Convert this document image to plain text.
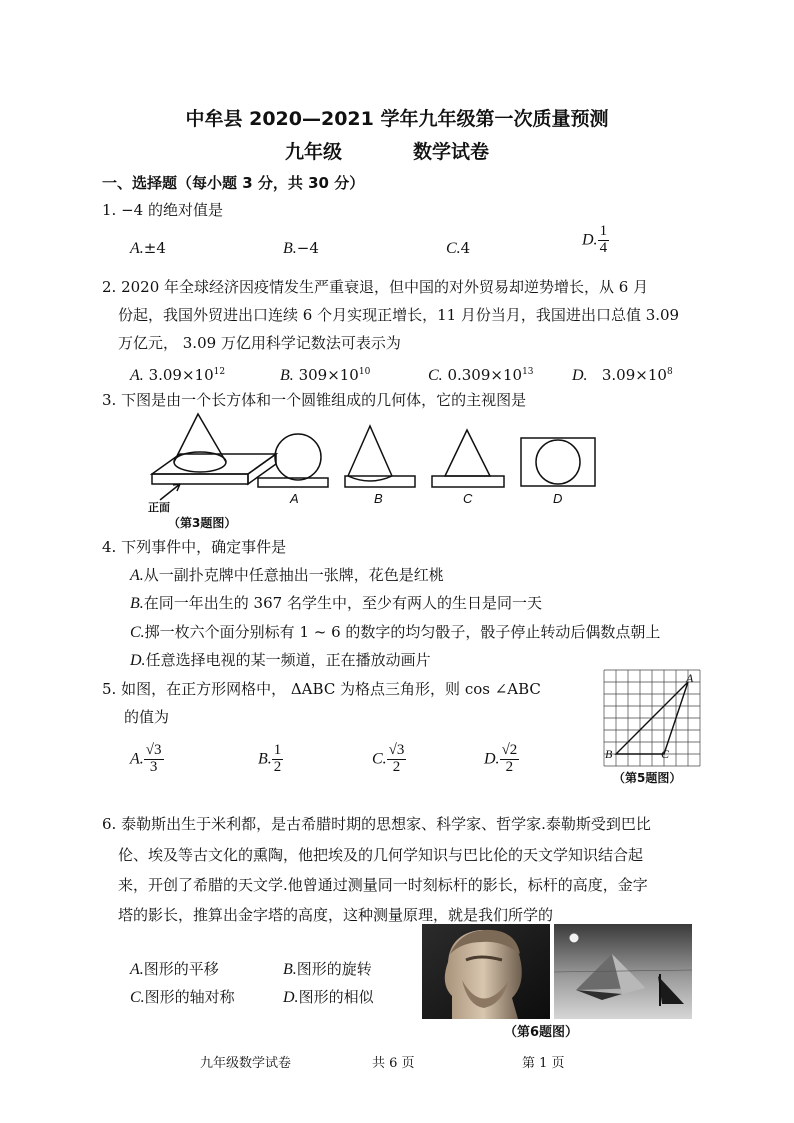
中牟县 2020—2021 学年九年级第一次质量预测
九年级	数学试卷
一、选择题（每小题 3 分，共 30 分）
1. −4 的绝对值是
A.±4	B.−4	C.4	D. $\frac{1}{4}$
2. 2020 年全球经济因疫情发生严重衰退，但中国的对外贸易却逆势增长，从 6 月
份起，我国外贸进出口连续 6 个月实现正增长，11 月份当月，我国进出口总值 3.09
万亿元， 3.09 万亿用科学记数法可表示为
A. $3.09\times 10^{12}$	B. $309\times 10^{10}$	C. $0.309\times 10^{13}$ D. $3.09\times 10^8$
3. 下图是由一个长方体和一个圆锥组成的几何体，它的主视图是
A	B	C	D
正面
（第3题图）
4. 下列事件中，确定事件是
A.从一副扑克牌中任意抽出一张牌，花色是红桃
B.在同一年出生的 367 名学生中，至少有两人的生日是同一天
C.掷一枚六个面分别标有 1 ~ 6 的数字的均匀骰子，骰子停止转动后偶数点朝上
D.任意选择电视的某一频道，正在播放动画片
5. 如图，在正方形网格中， ΔABC 为格点三角形，则 cos ∠ABC
的值为
A. $\frac{√3}{3}$	B. $\frac{1}{2}$	C. $\frac{√3}{2}$	D. $\frac{√2}{2}$
A
B	C
（第5题图）
6. 泰勒斯出生于米利都，是古希腊时期的思想家、科学家、哲学家.泰勒斯受到巴比
伦、埃及等古文化的熏陶，他把埃及的几何学知识与巴比伦的天文学知识结合起
来，开创了希腊的天文学.他曾通过测量同一时刻标杆的影长，标杆的高度，金字
塔的影长，推算出金字塔的高度，这种测量原理，就是我们所学的
A.图形的平移	B.图形的旋转
C.图形的轴对称	D.图形的相似
（第6题图）
九年级数学试卷	共 6 页	第 1 页
